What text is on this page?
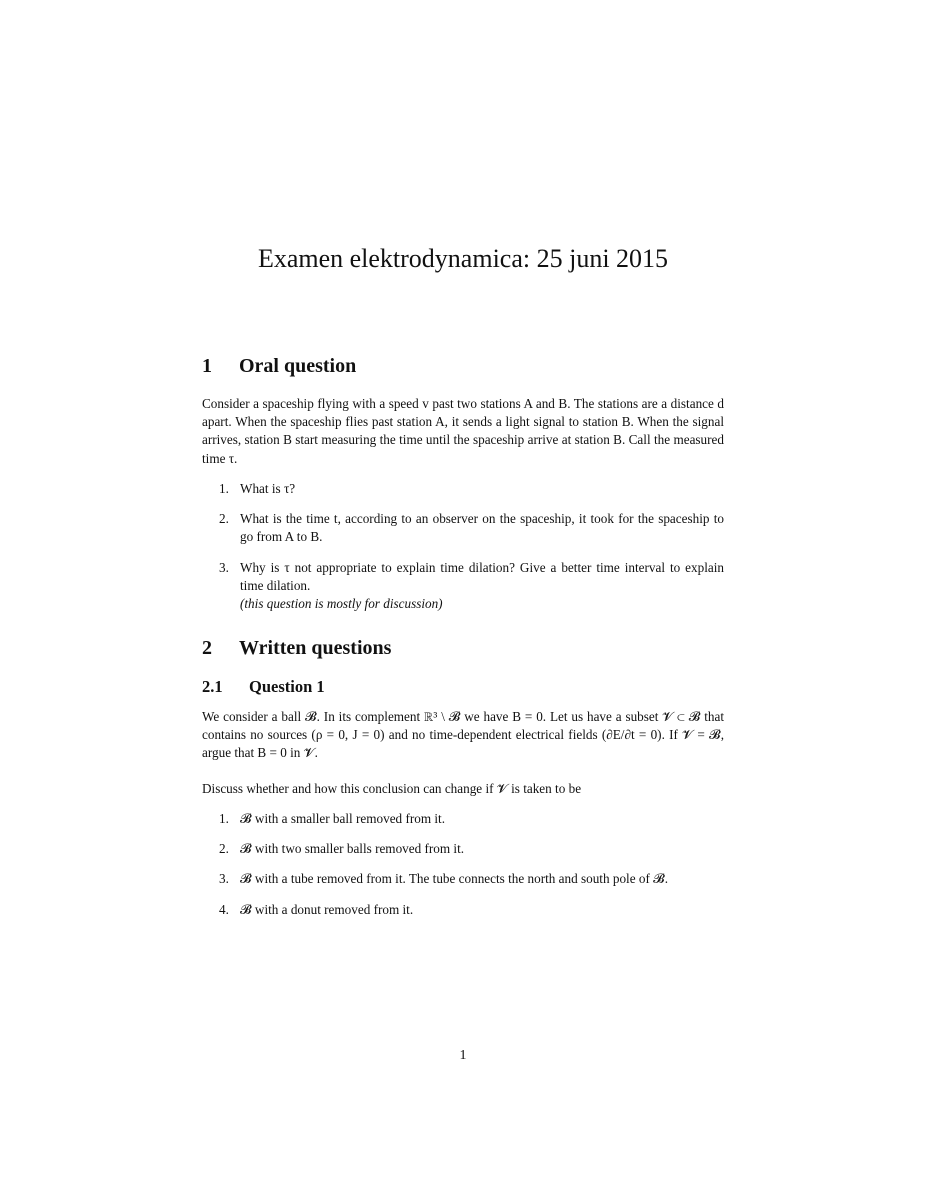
Examen elektrodynamica: 25 juni 2015
1 Oral question
Consider a spaceship flying with a speed v past two stations A and B. The stations are a distance d apart. When the spaceship flies past station A, it sends a light signal to station B. When the signal arrives, station B start measuring the time until the spaceship arrive at station B. Call the measured time τ.
1. What is τ?
2. What is the time t, according to an observer on the spaceship, it took for the spaceship to go from A to B.
3. Why is τ not appropriate to explain time dilation? Give a better time interval to explain time dilation.
(this question is mostly for discussion)
2 Written questions
2.1 Question 1
We consider a ball 𝓑. In its complement ℝ³ \ 𝓑 we have B = 0. Let us have a subset 𝓥 ⊂ 𝓑 that contains no sources (ρ = 0, J = 0) and no time-dependent electrical fields (∂E/∂t = 0). If 𝓥 = 𝓑, argue that B = 0 in 𝓥.
Discuss whether and how this conclusion can change if 𝓥 is taken to be
1. 𝓑 with a smaller ball removed from it.
2. 𝓑 with two smaller balls removed from it.
3. 𝓑 with a tube removed from it. The tube connects the north and south pole of 𝓑.
4. 𝓑 with a donut removed from it.
1
